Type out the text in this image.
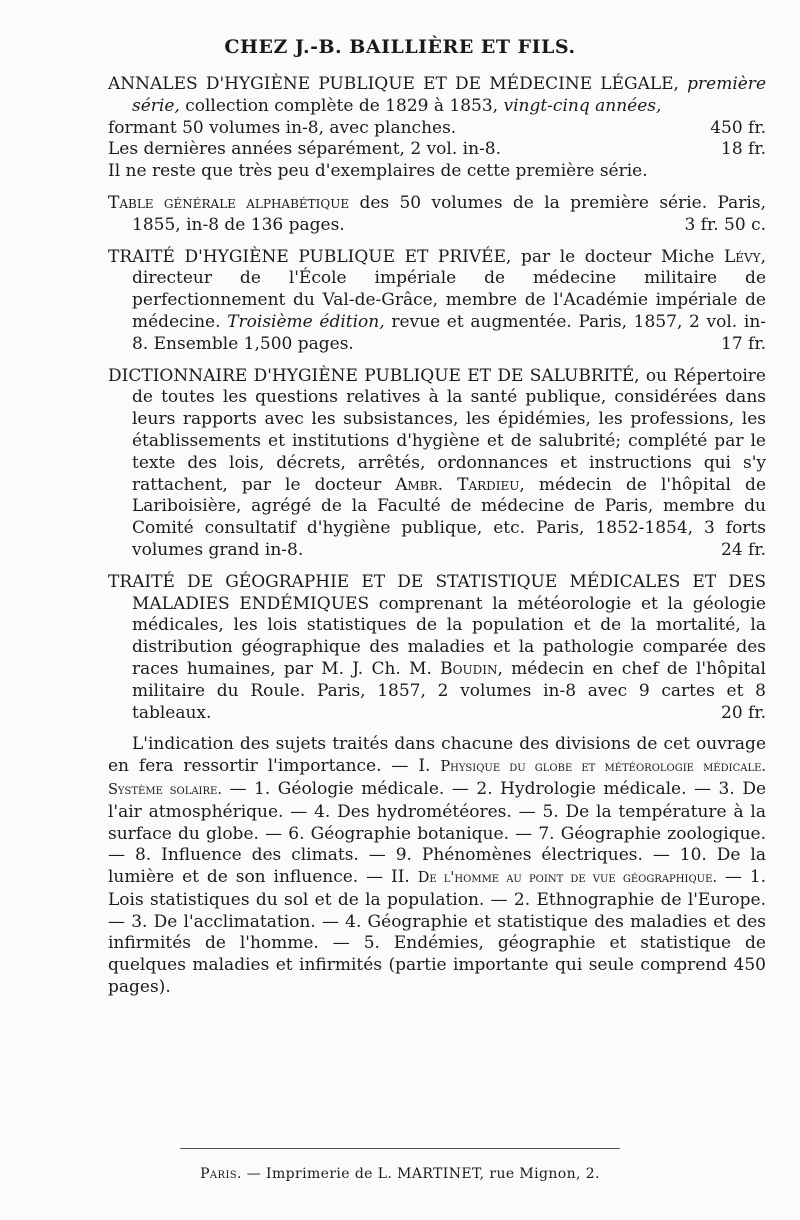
CHEZ J.-B. BAILLIÈRE ET FILS.
ANNALES D'HYGIÈNE PUBLIQUE ET DE MÉDECINE LÉGALE, première série, collection complète de 1829 à 1853, vingt-cinq années,
formant 50 volumes in-8, avec planches.	450 fr.
Les dernières années séparément, 2 vol. in-8.	18 fr.
Il ne reste que très peu d'exemplaires de cette première série.
Table générale alphabétique des 50 volumes de la première série. Paris, 1855, in-8 de 136 pages.	3 fr. 50 c.
TRAITÉ D'HYGIÈNE PUBLIQUE ET PRIVÉE, par le docteur Miche Lévy, directeur de l'École impériale de médecine militaire de perfectionnement du Val-de-Grâce, membre de l'Académie impériale de médecine. Troisième édition, revue et augmentée. Paris, 1857, 2 vol. in-8. Ensemble 1,500 pages.	17 fr.
DICTIONNAIRE D'HYGIÈNE PUBLIQUE ET DE SALUBRITÉ, ou Répertoire de toutes les questions relatives à la santé publique, considérées dans leurs rapports avec les subsistances, les épidémies, les professions, les établissements et institutions d'hygiène et de salubrité; complété par le texte des lois, décrets, arrêtés, ordonnances et instructions qui s'y rattachent, par le docteur Ambr. Tardieu, médecin de l'hôpital de Lariboisière, agrégé de la Faculté de médecine de Paris, membre du Comité consultatif d'hygiène publique, etc. Paris, 1852-1854, 3 forts volumes grand in-8.	24 fr.
TRAITÉ DE GÉOGRAPHIE ET DE STATISTIQUE MÉDICALES ET DES MALADIES ENDÉMIQUES comprenant la météorologie et la géologie médicales, les lois statistiques de la population et de la mortalité, la distribution géographique des maladies et la pathologie comparée des races humaines, par M. J. Ch. M. Boudin, médecin en chef de l'hôpital militaire du Roule. Paris, 1857, 2 volumes in-8 avec 9 cartes et 8 tableaux.	20 fr.

L'indication des sujets traités dans chacune des divisions de cet ouvrage en fera ressortir l'importance. — I. Physique du globe et météorologie médicale. Système solaire. — 1. Géologie médicale. — 2. Hydrologie médicale. — 3. De l'air atmosphérique. — 4. Des hydrométéores. — 5. De la température à la surface du globe. — 6. Géographie botanique. — 7. Géographie zoologique. — 8. Influence des climats. — 9. Phénomènes électriques. — 10. De la lumière et de son influence. — II. De l'homme au point de vue géographique. — 1. Lois statistiques du sol et de la population. — 2. Ethnographie de l'Europe. — 3. De l'acclimatation. — 4. Géographie et statistique des maladies et des infirmités de l'homme. — 5. Endémies, géographie et statistique de quelques maladies et infirmités (partie importante qui seule comprend 450 pages).

Paris. — Imprimerie de L. MARTINET, rue Mignon, 2.
